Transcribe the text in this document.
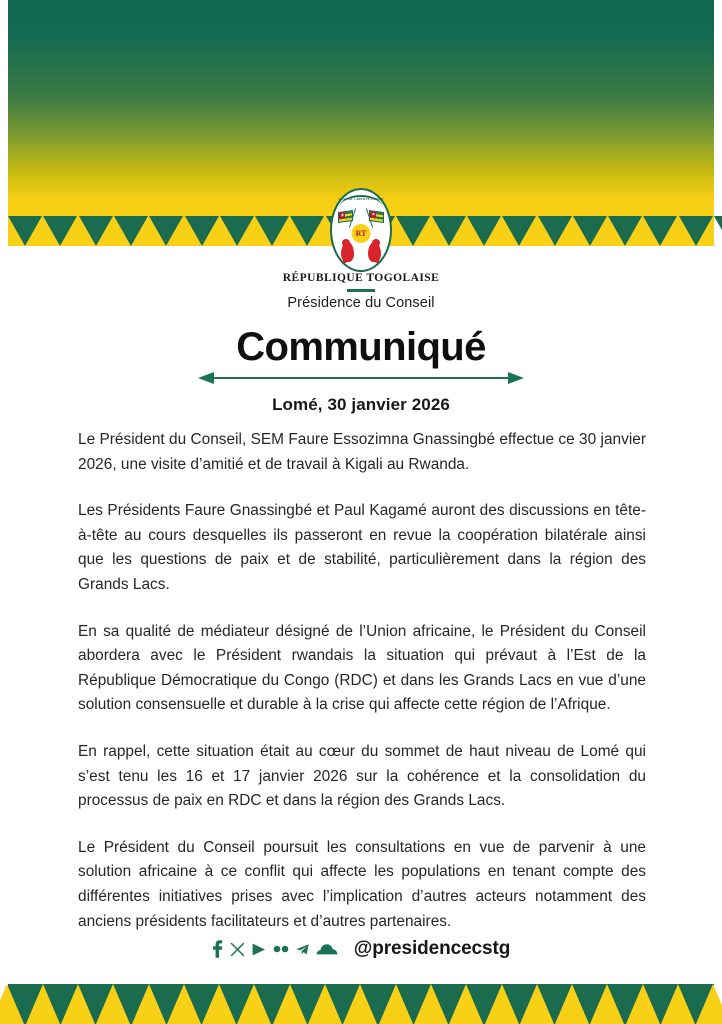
TRAVAIL LIBERTÉ PATRIE
★	★
RT
RÉPUBLIQUE TOGOLAISE
Présidence du Conseil
Communiqué
Lomé, 30 janvier 2026

Le Président du Conseil, SEM Faure Essozimna Gnassingbé effectue ce 30 janvier 2026, une visite d’amitié et de travail à Kigali au Rwanda.

Les Présidents Faure Gnassingbé et Paul Kagamé auront des discussions en tête-à-tête au cours desquelles ils passeront en revue la coopération bilatérale ainsi que les questions de paix et de stabilité, particulièrement dans la région des Grands Lacs.

En sa qualité de médiateur désigné de l’Union africaine, le Président du Conseil abordera avec le Président rwandais la situation qui prévaut à l’Est de la République Démocratique du Congo (RDC) et dans les Grands Lacs en vue d’une solution consensuelle et durable à la crise qui affecte cette région de l’Afrique.

En rappel, cette situation était au cœur du sommet de haut niveau de Lomé qui s’est tenu les 16 et 17 janvier 2026 sur la cohérence et la consolidation du processus de paix en RDC et dans la région des Grands Lacs.

Le Président du Conseil poursuit les consultations en vue de parvenir à une solution africaine à ce conflit qui affecte les populations en tenant compte des différentes initiatives prises avec l’implication d’autres acteurs notamment des anciens présidents facilitateurs et d’autres partenaires.

@presidencecstg
